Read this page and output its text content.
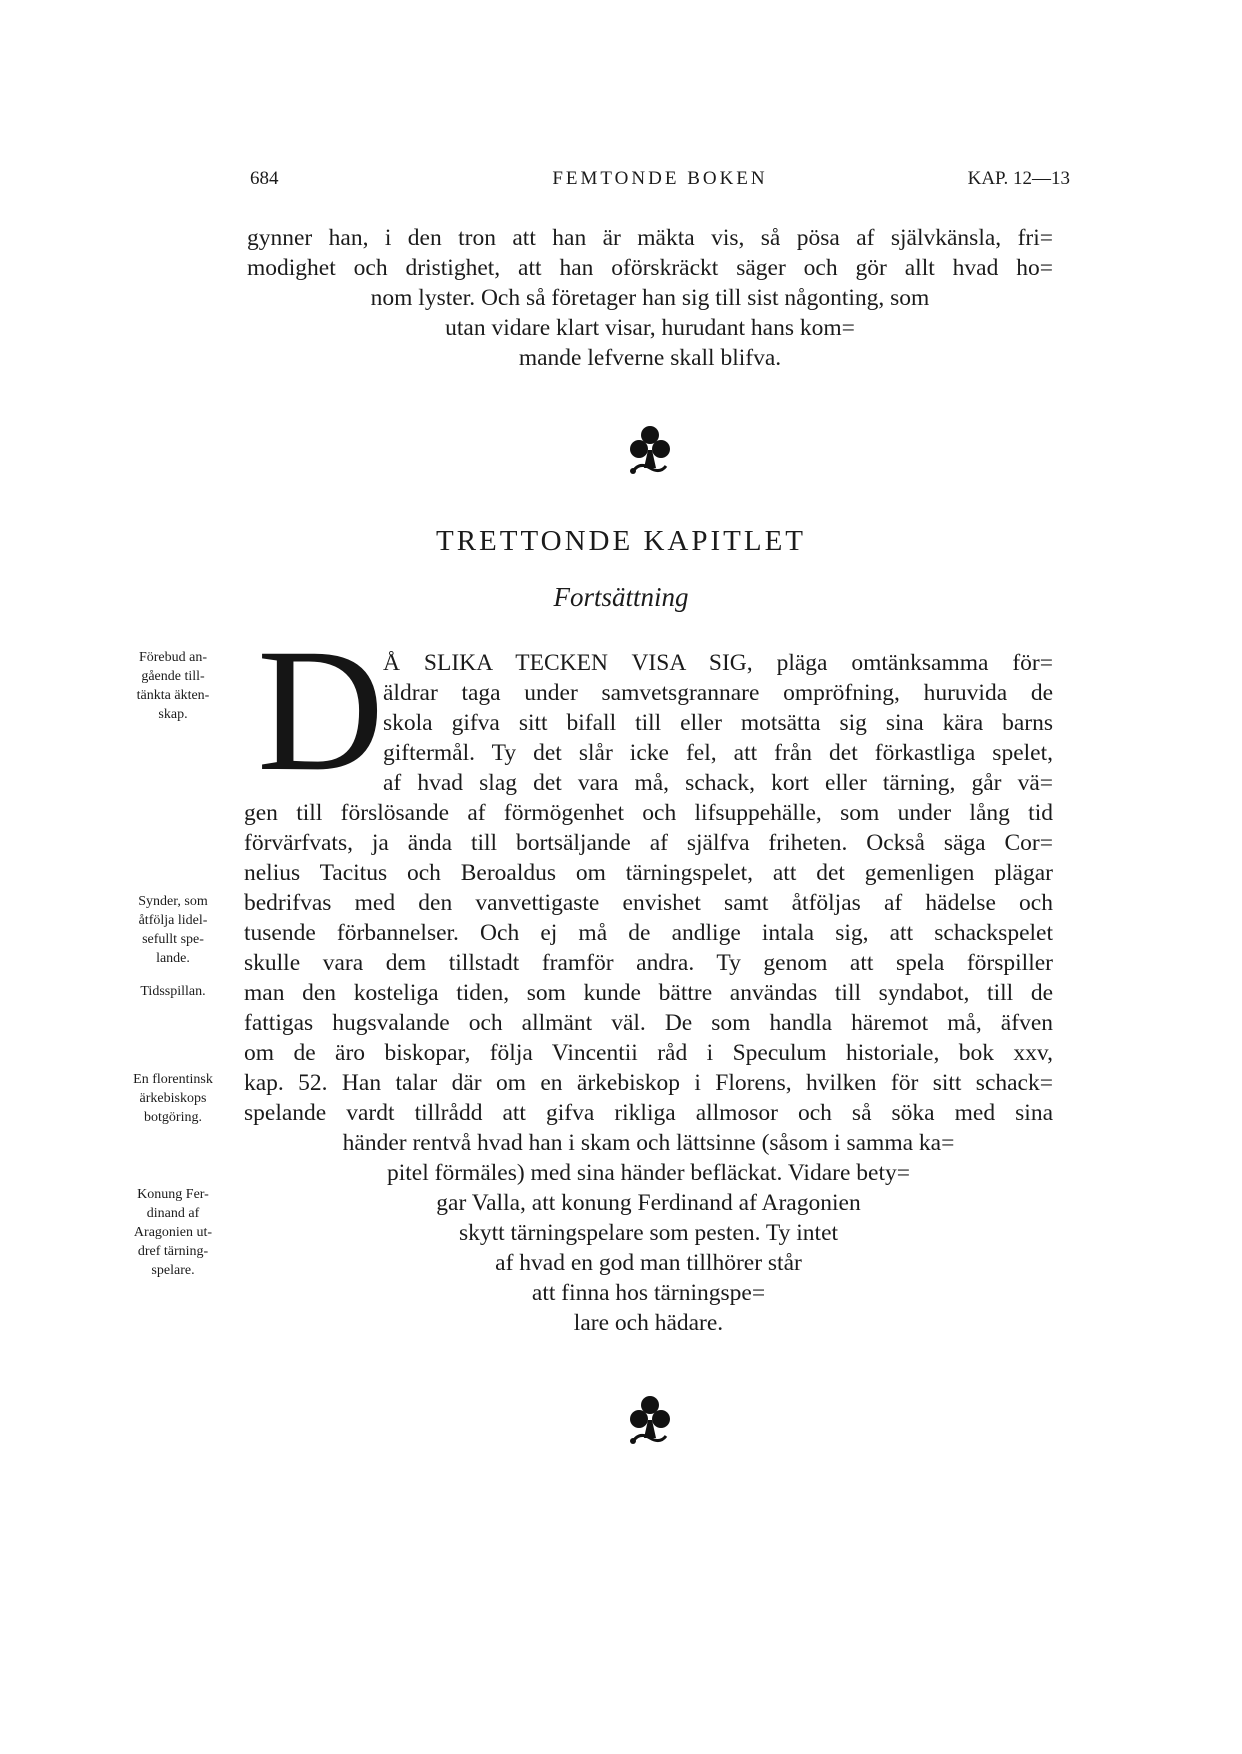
684	FEMTONDE BOKEN	KAP. 12—13
gynner han, i den tron att han är mäkta vis, så pösa af självkänsla, fri=
modighet och dristighet, att han oförskräckt säger och gör allt hvad ho=
nom lyster. Och så företager han sig till sist någonting, som
utan vidare klart visar, hurudant hans kom=
mande lefverne skall blifva.
TRETTONDE KAPITLET
Fortsättning
D
Å SLIKA TECKEN VISA SIG, pläga omtänksamma för=
äldrar taga under samvetsgrannare ompröfning, huruvida de
skola gifva sitt bifall till eller motsätta sig sina kära barns
giftermål. Ty det slår icke fel, att från det förkastliga spelet,
af hvad slag det vara må, schack, kort eller tärning, går vä=
gen till förslösande af förmögenhet och lifsuppehälle, som under lång tid
förvärfvats, ja ända till bortsäljande af själfva friheten. Också säga Cor=
nelius Tacitus och Beroaldus om tärningspelet, att det gemenligen plägar
bedrifvas med den vanvettigaste envishet samt åtföljas af hädelse och
tusende förbannelser. Och ej må de andlige intala sig, att schackspelet
skulle vara dem tillstadt framför andra. Ty genom att spela förspiller
man den kosteliga tiden, som kunde bättre användas till syndabot, till de
fattigas hugsvalande och allmänt väl. De som handla häremot må, äfven
om de äro biskopar, följa Vincentii råd i Speculum historiale, bok xxv,
kap. 52. Han talar där om en ärkebiskop i Florens, hvilken för sitt schack=
spelande vardt tillrådd att gifva rikliga allmosor och så söka med sina
händer rentvå hvad han i skam och lättsinne (såsom i samma ka=
pitel förmäles) med sina händer befläckat. Vidare bety=
gar Valla, att konung Ferdinand af Aragonien
skytt tärningspelare som pesten. Ty intet
af hvad en god man tillhörer står
att finna hos tärningspe=
lare och hädare.
Förebud an-
gående till-
tänkta äkten-
skap.
Synder, som
åtfölja lidel-
sefullt spe-
lande.
Tidsspillan.
En florentinsk
ärkebiskops
botgöring.
Konung Fer-
dinand af
Aragonien ut-
dref tärning-
spelare.
